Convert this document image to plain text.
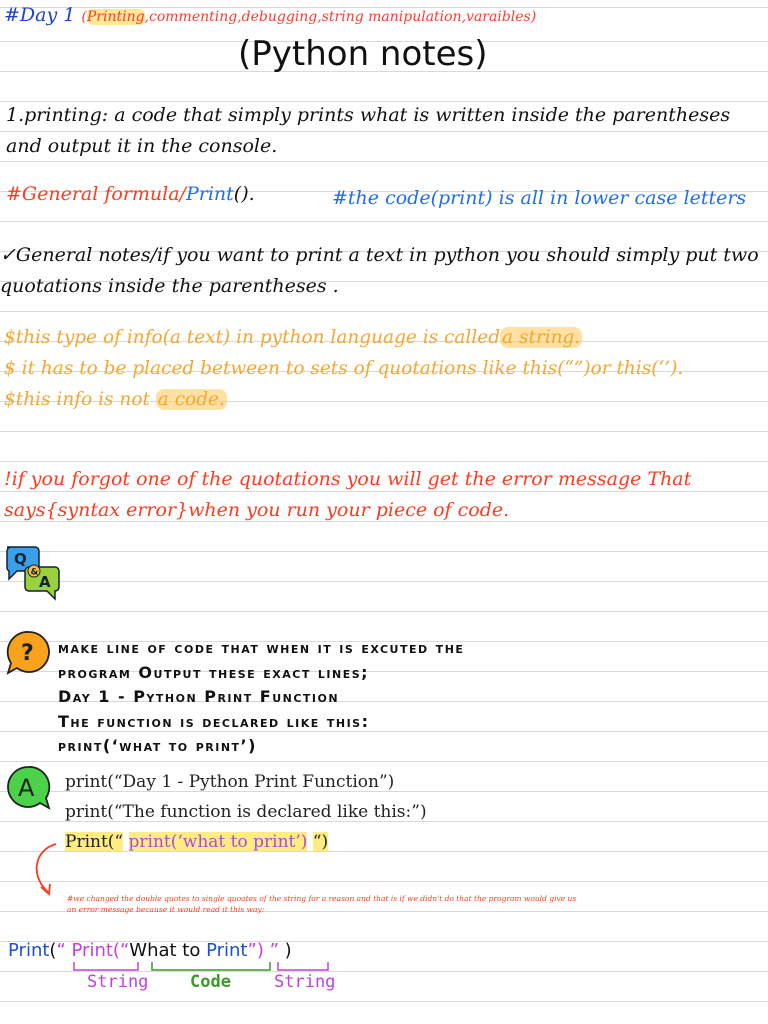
#Day 1 (Printing,commenting,debugging,string manipulation,varaibles)
(Python notes)
1.printing: a code that simply prints what is written inside the parentheses and output it in the console.
#General formula/Print().	#the code(print) is all in lower case letters
✓General notes/if you want to print a text in python you should simply put two quotations inside the parentheses .
$this type of info(a text) in python language is called a string.
$ it has to be placed between to sets of quotations like this(“”)or this(‘’).
$this info is not a code.
!if you forgot one of the quotations you will get the error message That says{syntax error}when you run your piece of code.
Q
&
A
? make line of code that when it is excuted the
program Output these exact lines;
Day 1 - Python Print Function
The function is declared like this:
print(‘what to print’)
A print(“Day 1 - Python Print Function”)
print(“The function is declared like this:”)
Print(“ print(‘what to print’) “)
#we changed the double quotes to single quoates of the string for a reason and that is if we didn't do that the program would give us an error message because it would read it this way:
Print(“ Print(“What to Print”) ” )
String Code	String
